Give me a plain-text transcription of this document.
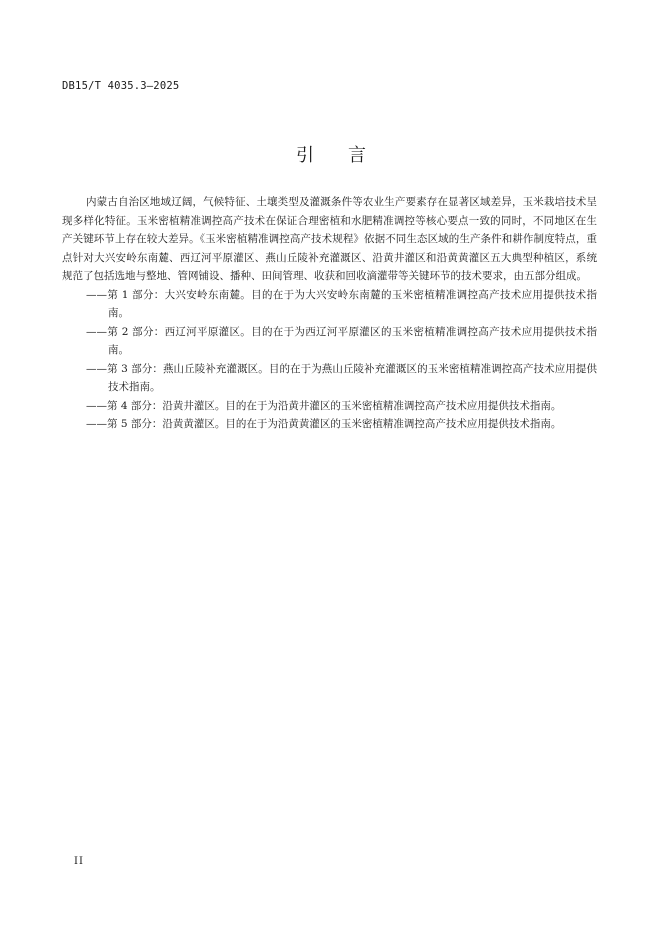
DB15/T 4035.3—2025
引言

内蒙古自治区地域辽阔，气候特征、土壤类型及灌溉条件等农业生产要素存在显著区域差异，玉米栽培技术呈现多样化特征。玉米密植精准调控高产技术在保证合理密植和水肥精准调控等核心要点一致的同时，不同地区在生产关键环节上存在较大差异。《玉米密植精准调控高产技术规程》依据不同生态区域的生产条件和耕作制度特点，重点针对大兴安岭东南麓、西辽河平原灌区、燕山丘陵补充灌溉区、沿黄井灌区和沿黄黄灌区五大典型种植区，系统规范了包括选地与整地、管网铺设、播种、田间管理、收获和回收滴灌带等关键环节的技术要求，由五部分组成。

——第 1 部分：大兴安岭东南麓。目的在于为大兴安岭东南麓的玉米密植精准调控高产技术应用提供技术指南。

——第 2 部分：西辽河平原灌区。目的在于为西辽河平原灌区的玉米密植精准调控高产技术应用提供技术指南。

——第 3 部分：燕山丘陵补充灌溉区。目的在于为燕山丘陵补充灌溉区的玉米密植精准调控高产技术应用提供技术指南。

——第 4 部分：沿黄井灌区。目的在于为沿黄井灌区的玉米密植精准调控高产技术应用提供技术指南。

——第 5 部分：沿黄黄灌区。目的在于为沿黄黄灌区的玉米密植精准调控高产技术应用提供技术指南。

II
